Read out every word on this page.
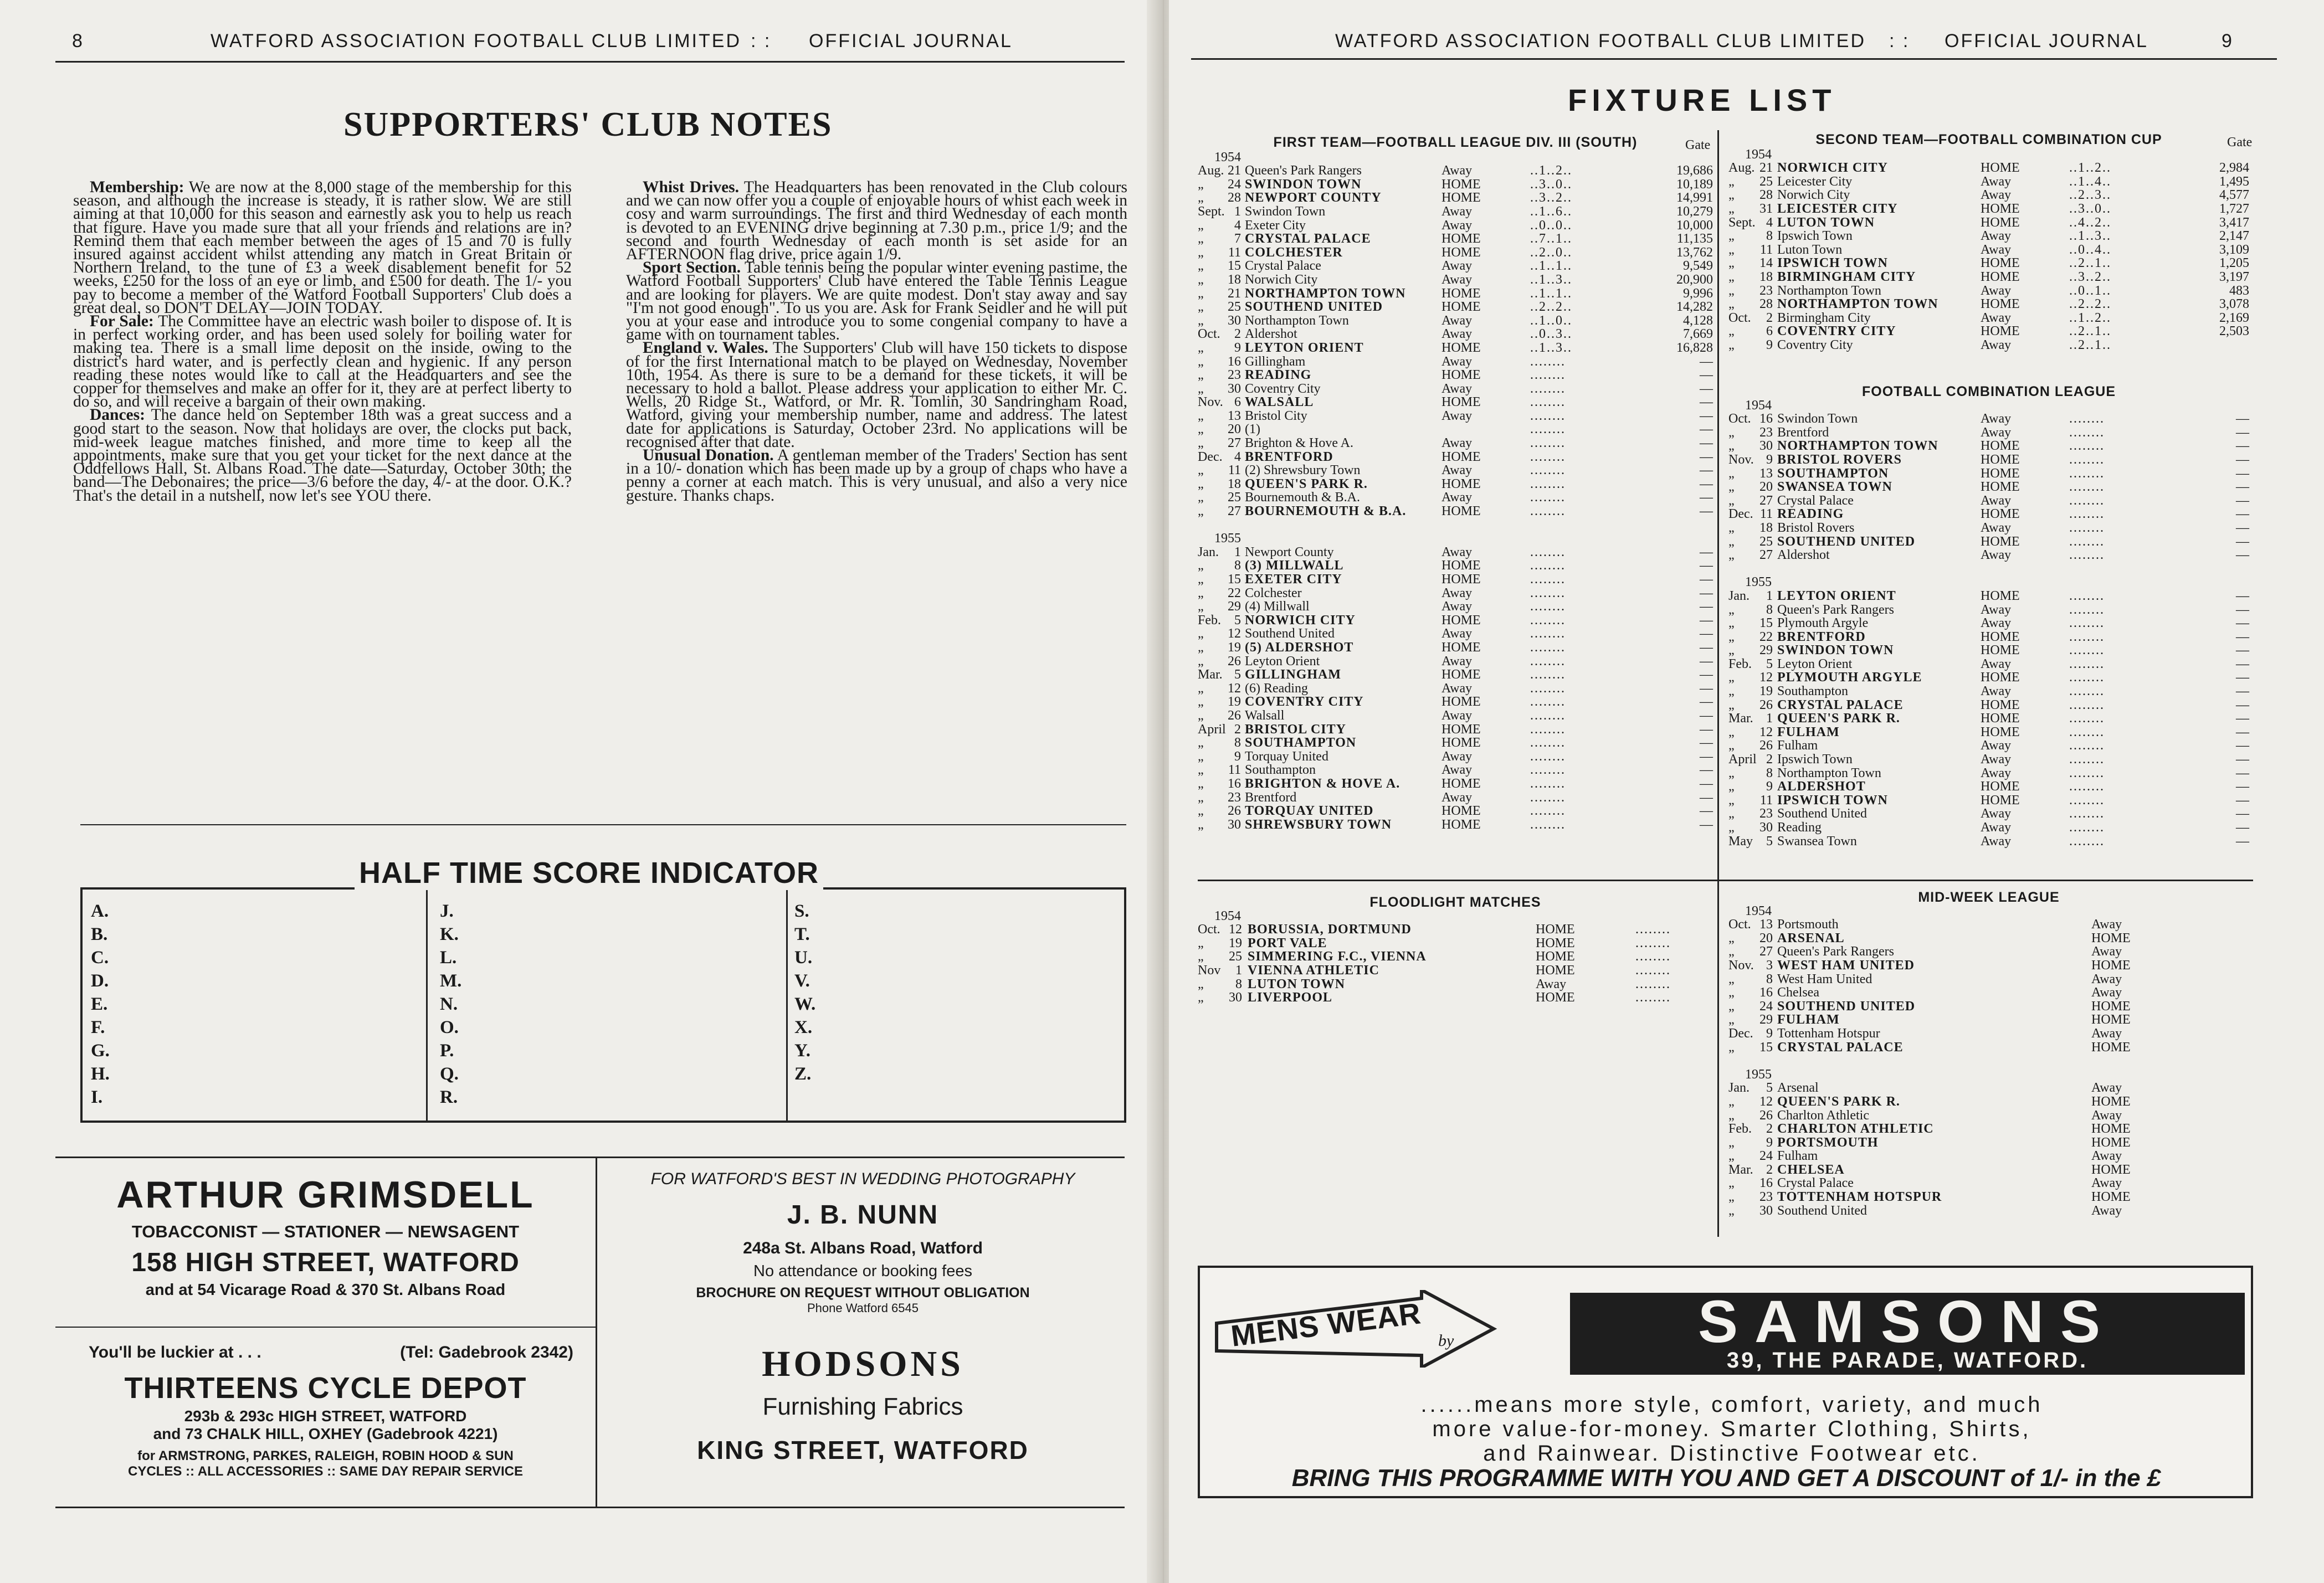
8	WATFORD ASSOCIATION FOOTBALL CLUB LIMITED : : OFFICIAL JOURNAL
SUPPORTERS' CLUB NOTES

Membership: We are now at the 8,000 stage of the membership for this season, and although the increase is steady, it is rather slow. We are still aiming at that 10,000 for this season and earnestly ask you to help us reach that figure. Have you made sure that all your friends and relations are in? Remind them that each member between the ages of 15 and 70 is fully insured against accident whilst attending any match in Great Britain or Northern Ireland, to the tune of £3 a week disablement benefit for 52 weeks, £250 for the loss of an eye or limb, and £500 for death. The 1/- you pay to become a member of the Watford Football Supporters' Club does a great deal, so DON'T DELAY—JOIN TODAY.

For Sale: The Committee have an electric wash boiler to dispose of. It is in perfect working order, and has been used solely for boiling water for making tea. There is a small lime deposit on the inside, owing to the district's hard water, and is perfectly clean and hygienic. If any person reading these notes would like to call at the Headquarters and see the copper for themselves and make an offer for it, they are at perfect liberty to do so, and will receive a bargain of their own making.

Dances: The dance held on September 18th was a great success and a good start to the season. Now that holidays are over, the clocks put back, mid-week league matches finished, and more time to keep all the appointments, make sure that you get your ticket for the next dance at the Oddfellows Hall, St. Albans Road. The date—Saturday, October 30th; the band—The Debonaires; the price—3/6 before the day, 4/- at the door. O.K.? That's the detail in a nutshell, now let's see YOU there.

Whist Drives. The Headquarters has been renovated in the Club colours and we can now offer you a couple of enjoyable hours of whist each week in cosy and warm surroundings. The first and third Wednesday of each month is devoted to an EVENING drive beginning at 7.30 p.m., price 1/9; and the second and fourth Wednesday of each month is set aside for an AFTERNOON flag drive, price again 1/9.

Sport Section. Table tennis being the popular winter evening pastime, the Watford Football Supporters' Club have entered the Table Tennis League and are looking for players. We are quite modest. Don't stay away and say "I'm not good enough". To us you are. Ask for Frank Seidler and he will put you at your ease and introduce you to some congenial company to have a game with on tournament tables.

England v. Wales. The Supporters' Club will have 150 tickets to dispose of for the first International match to be played on Wednesday, November 10th, 1954. As there is sure to be a demand for these tickets, it will be necessary to hold a ballot. Please address your application to either Mr. C. Wells, 20 Ridge St., Watford, or Mr. R. Tomlin, 30 Sandringham Road, Watford, giving your membership number, name and address. The latest date for applications is Saturday, October 23rd. No applications will be recognised after that date.

Unusual Donation. A gentleman member of the Traders' Section has sent in a 10/- donation which has been made up by a group of chaps who have a penny a corner at each match. This is very unusual, and also a very nice gesture. Thanks chaps.

A.
B.
C.
D.
E.
F.
G.
H.
I.
J.
K.
L.
M.
N.
O.
P.
Q.
R.
S.
T.
U.
V.
W.
X.
Y.
Z.
HALF TIME SCORE INDICATOR
ARTHUR GRIMSDELL
TOBACCONIST — STATIONER — NEWSAGENT
158 HIGH STREET, WATFORD
and at 54 Vicarage Road & 370 St. Albans Road
You'll be luckier at . . .	(Tel: Gadebrook 2342)
THIRTEENS CYCLE DEPOT
293b & 293c HIGH STREET, WATFORD
and 73 CHALK HILL, OXHEY (Gadebrook 4221)
for ARMSTRONG, PARKES, RALEIGH, ROBIN HOOD & SUN
CYCLES :: ALL ACCESSORIES :: SAME DAY REPAIR SERVICE
FOR WATFORD'S BEST IN WEDDING PHOTOGRAPHY
J. B. NUNN
248a St. Albans Road, Watford
No attendance or booking fees
BROCHURE ON REQUEST WITHOUT OBLIGATION
Phone Watford 6545
HODSONS
Furnishing Fabrics
KING STREET, WATFORD
WATFORD ASSOCIATION FOOTBALL CLUB LIMITED : : OFFICIAL JOURNAL	9
FIXTURE LIST
FIRST TEAM—FOOTBALL LEAGUE DIV. III (SOUTH)	Gate
1954
Aug. 21 Queen's Park Rangers	Away	..1..2..	19,686
„ 24 SWINDON TOWN	HOME	..3..0..	10,189
„ 28 NEWPORT COUNTY	HOME	..3..2..	14,991
Sept. 1 Swindon Town	Away	..1..6..	10,279
„	4 Exeter City	Away	..0..0..	10,000
„	7 CRYSTAL PALACE	HOME	..7..1..	11,135
„ 11 COLCHESTER	HOME	..2..0..	13,762
„ 15 Crystal Palace	Away	..1..1..	9,549
„ 18 Norwich City	Away	..1..3..	20,900
„ 21 NORTHAMPTON TOWN	HOME	..1..1..	9,996
„ 25 SOUTHEND UNITED	HOME	..2..2..	14,282
„ 30 Northampton Town	Away	..1..0..	4,128
Oct.	2 Aldershot	Away	..0..3..	7,669
„	9 LEYTON ORIENT	HOME	..1..3..	16,828
„ 16 Gillingham	Away	........	—
„ 23 READING	HOME	........	—
„ 30 Coventry City	Away	........	—
Nov. 6 WALSALL	HOME	........	—
„ 13 Bristol City	Away	........	—
„ 20 (1)	........	—
„ 27 Brighton & Hove A.	Away	........	—
Dec. 4 BRENTFORD	HOME	........	—
„ 11 (2) Shrewsbury Town	Away	........	—
„ 18 QUEEN'S PARK R.	HOME	........	—
„ 25 Bournemouth & B.A.	Away	........	—
„ 27 BOURNEMOUTH & B.A.	HOME	........	—
1955
Jan.	1 Newport County	Away	........	—
„	8 (3) MILLWALL	HOME	........	—
„ 15 EXETER CITY	HOME	........	—
„ 22 Colchester	Away	........	—
„ 29 (4) Millwall	Away	........	—
Feb.	5 NORWICH CITY	HOME	........	—
„ 12 Southend United	Away	........	—
„ 19 (5) ALDERSHOT	HOME	........	—
„ 26 Leyton Orient	Away	........	—
Mar. 5 GILLINGHAM	HOME	........	—
„ 12 (6) Reading	Away	........	—
„ 19 COVENTRY CITY	HOME	........	—
„ 26 Walsall	Away	........	—
April 2 BRISTOL CITY	HOME	........	—
„	8 SOUTHAMPTON	HOME	........	—
„	9 Torquay United	Away	........	—
„ 11 Southampton	Away	........	—
„ 16 BRIGHTON & HOVE A.	HOME	........	—
„ 23 Brentford	Away	........	—
„ 26 TORQUAY UNITED	HOME	........	—
„ 30 SHREWSBURY TOWN	HOME	........	—
SECOND TEAM—FOOTBALL COMBINATION CUP	Gate
1954
Aug. 21 NORWICH CITY	HOME	..1..2..	2,984
„ 25 Leicester City	Away	..1..4..	1,495
„ 28 Norwich City	Away	..2..3..	4,577
„ 31 LEICESTER CITY	HOME	..3..0..	1,727
Sept. 4 LUTON TOWN	HOME	..4..2..	3,417
„	8 Ipswich Town	Away	..1..3..	2,147
„ 11 Luton Town	Away	..0..4..	3,109
„ 14 IPSWICH TOWN	HOME	..2..1..	1,205
„ 18 BIRMINGHAM CITY	HOME	..3..2..	3,197
„ 23 Northampton Town	Away	..0..1..	483
„ 28 NORTHAMPTON TOWN	HOME	..2..2..	3,078
Oct.	2 Birmingham City	Away	..1..2..	2,169
„	6 COVENTRY CITY	HOME	..2..1..	2,503
„	9 Coventry City	Away	..2..1..
FOOTBALL COMBINATION LEAGUE
1954
Oct. 16 Swindon Town	Away	........	—
„ 23 Brentford	Away	........	—
„ 30 NORTHAMPTON TOWN	HOME	........	—
Nov. 9 BRISTOL ROVERS	HOME	........	—
„ 13 SOUTHAMPTON	HOME	........	—
„ 20 SWANSEA TOWN	HOME	........	—
„ 27 Crystal Palace	Away	........	—
Dec. 11 READING	HOME	........	—
„ 18 Bristol Rovers	Away	........	—
„ 25 SOUTHEND UNITED	HOME	........	—
„ 27 Aldershot	Away	........	—
1955
Jan.	1 LEYTON ORIENT	HOME	........	—
„	8 Queen's Park Rangers	Away	........	—
„ 15 Plymouth Argyle	Away	........	—
„ 22 BRENTFORD	HOME	........	—
„ 29 SWINDON TOWN	HOME	........	—
Feb.	5 Leyton Orient	Away	........	—
„ 12 PLYMOUTH ARGYLE	HOME	........	—
„ 19 Southampton	Away	........	—
„ 26 CRYSTAL PALACE	HOME	........	—
Mar. 1 QUEEN'S PARK R.	HOME	........	—
„ 12 FULHAM	HOME	........	—
„ 26 Fulham	Away	........	—
April 2 Ipswich Town	Away	........	—
„	8 Northampton Town	Away	........	—
„	9 ALDERSHOT	HOME	........	—
„ 11 IPSWICH TOWN	HOME	........	—
„ 23 Southend United	Away	........	—
„ 30 Reading	Away	........	—
May	5 Swansea Town	Away	........	—
FLOODLIGHT MATCHES
1954
Oct. 12 BORUSSIA, DORTMUND	HOME	........
„ 19 PORT VALE	HOME	........
„ 25 SIMMERING F.C., VIENNA	HOME	........
Nov	1 VIENNA ATHLETIC	HOME	........
„	8 LUTON TOWN	Away	........
„ 30 LIVERPOOL	HOME	........
MID-WEEK LEAGUE
1954
Oct. 13 Portsmouth	Away
„ 20 ARSENAL	HOME
„ 27 Queen's Park Rangers	Away
Nov. 3 WEST HAM UNITED	HOME
„	8 West Ham United	Away
„ 16 Chelsea	Away
„ 24 SOUTHEND UNITED	HOME
„ 29 FULHAM	HOME
Dec. 9 Tottenham Hotspur	Away
„ 15 CRYSTAL PALACE	HOME
1955
Jan.	5 Arsenal	Away
„ 12 QUEEN'S PARK R.	HOME
„ 26 Charlton Athletic	Away
Feb.	2 CHARLTON ATHLETIC	HOME
„	9 PORTSMOUTH	HOME
„ 24 Fulham	Away
Mar. 2 CHELSEA	HOME
„ 16 Crystal Palace	Away
„ 23 TOTTENHAM HOTSPUR	HOME
„ 30 Southend United	Away
MENS WEAR by	SAMSONS
39, THE PARADE, WATFORD.
......means more style, comfort, variety, and much
more value-for-money. Smarter Clothing, Shirts,
and Rainwear. Distinctive Footwear etc.
BRING THIS PROGRAMME WITH YOU AND GET A DISCOUNT of 1/- in the £
